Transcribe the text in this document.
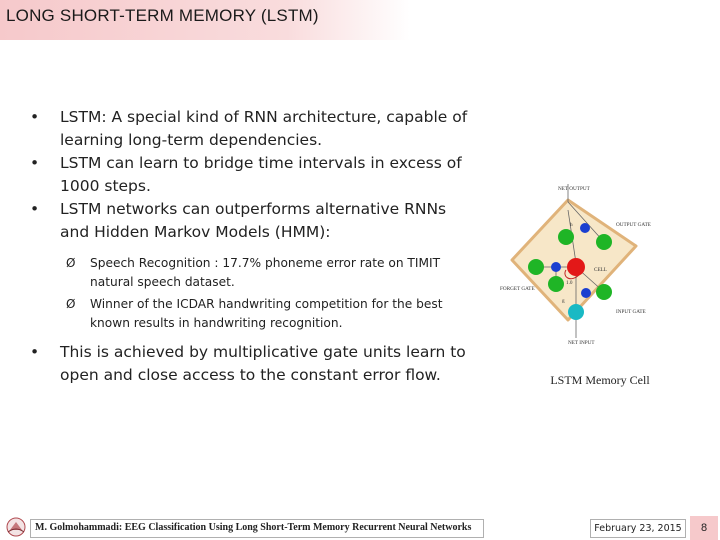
LONG SHORT-TERM MEMORY (LSTM)
• LSTM: A special kind of RNN architecture, capable of learning long-term dependencies.
• LSTM can learn to bridge time intervals in excess of 1000 steps.
• LSTM networks can outperforms alternative RNNs and Hidden Markov Models (HMM):
Ø Speech Recognition : 17.7% phoneme error rate on TIMIT natural speech dataset.
Ø Winner of the ICDAR handwriting competition for the best known results in handwriting recognition.
• This is achieved by multiplicative gate units learn to open and close access to the constant error flow.
NET OUTPUT
OUTPUT GATE
CELL
FORGET GATE
INPUT GATE
NET INPUT
h
g
1.0
LSTM Memory Cell
M. Golmohammadi: EEG Classification Using Long Short-Term Memory Recurrent Neural Networks	February 23, 2015	8
